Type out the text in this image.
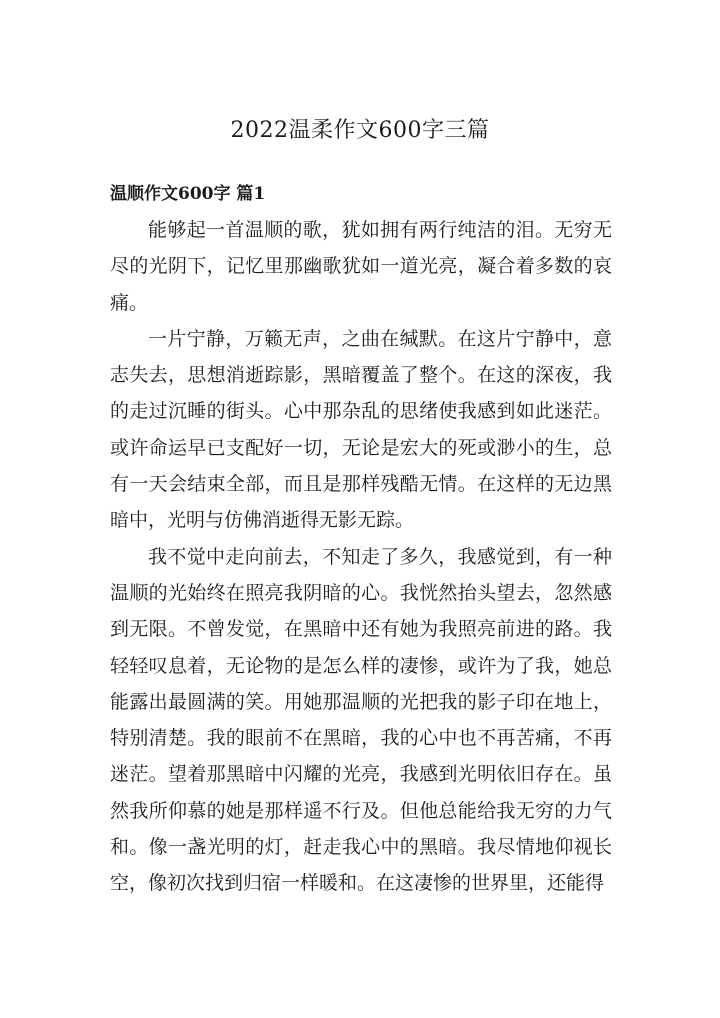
2022温柔作文600字三篇
温顺作文600字 篇1

能够起一首温顺的歌，犹如拥有两行纯洁的泪。无穷无尽的光阴下，记忆里那幽歌犹如一道光亮，凝合着多数的哀痛。

一片宁静，万籁无声，之曲在缄默。在这片宁静中，意志失去，思想消逝踪影，黑暗覆盖了整个。在这的深夜，我的走过沉睡的街头。心中那杂乱的思绪使我感到如此迷茫。或许命运早已支配好一切，无论是宏大的死或渺小的生，总有一天会结束全部，而且是那样残酷无情。在这样的无边黑暗中，光明与仿佛消逝得无影无踪。

我不觉中走向前去，不知走了多久，我感觉到，有一种温顺的光始终在照亮我阴暗的心。我恍然抬头望去，忽然感到无限。不曾发觉，在黑暗中还有她为我照亮前进的路。我轻轻叹息着，无论物的是怎么样的凄惨，或许为了我，她总能露出最圆满的笑。用她那温顺的光把我的影子印在地上，特别清楚。我的眼前不在黑暗，我的心中也不再苦痛，不再迷茫。望着那黑暗中闪耀的光亮，我感到光明依旧存在。虽然我所仰慕的她是那样遥不行及。但他总能给我无穷的力气和。像一盏光明的灯，赶走我心中的黑暗。我尽情地仰视长空，像初次找到归宿一样暖和。在这凄惨的世界里，还能得
